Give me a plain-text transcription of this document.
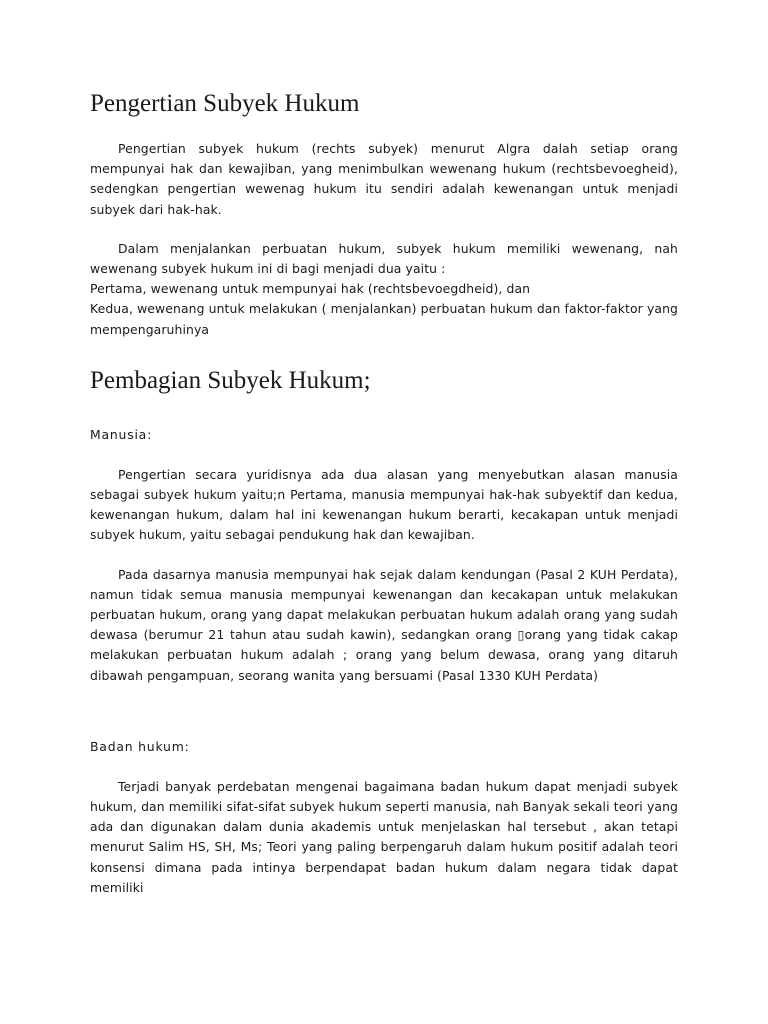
Pengertian Subyek Hukum

Pengertian subyek hukum (rechts subyek) menurut Algra dalah setiap orang mempunyai hak dan kewajiban, yang menimbulkan wewenang hukum (rechtsbevoegheid), sedengkan pengertian wewenag hukum itu sendiri adalah kewenangan untuk menjadi subyek dari hak-hak.

Dalam menjalankan perbuatan hukum, subyek hukum memiliki wewenang, nah wewenang subyek hukum ini di bagi menjadi dua yaitu :

Pertama, wewenang untuk mempunyai hak (rechtsbevoegdheid), dan

Kedua, wewenang untuk melakukan ( menjalankan) perbuatan hukum dan faktor-faktor yang mempengaruhinya

Pembagian Subyek Hukum;
Manusia:

Pengertian secara yuridisnya ada dua alasan yang menyebutkan alasan manusia sebagai subyek hukum yaitu;n Pertama, manusia mempunyai hak-hak subyektif dan kedua, kewenangan hukum, dalam hal ini kewenangan hukum berarti, kecakapan untuk menjadi subyek hukum, yaitu sebagai pendukung hak dan kewajiban.

Pada dasarnya manusia mempunyai hak sejak dalam kendungan (Pasal 2 KUH Perdata), namun tidak semua manusia mempunyai kewenangan dan kecakapan untuk melakukan perbuatan hukum, orang yang dapat melakukan perbuatan hukum adalah orang yang sudah dewasa (berumur 21 tahun atau sudah kawin), sedangkan orang ▯orang yang tidak cakap melakukan perbuatan hukum adalah ; orang yang belum dewasa, orang yang ditaruh dibawah pengampuan, seorang wanita yang bersuami (Pasal 1330 KUH Perdata)

Badan hukum:

Terjadi banyak perdebatan mengenai bagaimana badan hukum dapat menjadi subyek hukum, dan memiliki sifat-sifat subyek hukum seperti manusia, nah Banyak sekali teori yang ada dan digunakan dalam dunia akademis untuk menjelaskan hal tersebut , akan tetapi menurut Salim HS, SH, Ms; Teori yang paling berpengaruh dalam hukum positif adalah teori konsensi dimana pada intinya berpendapat badan hukum dalam negara tidak dapat memiliki
